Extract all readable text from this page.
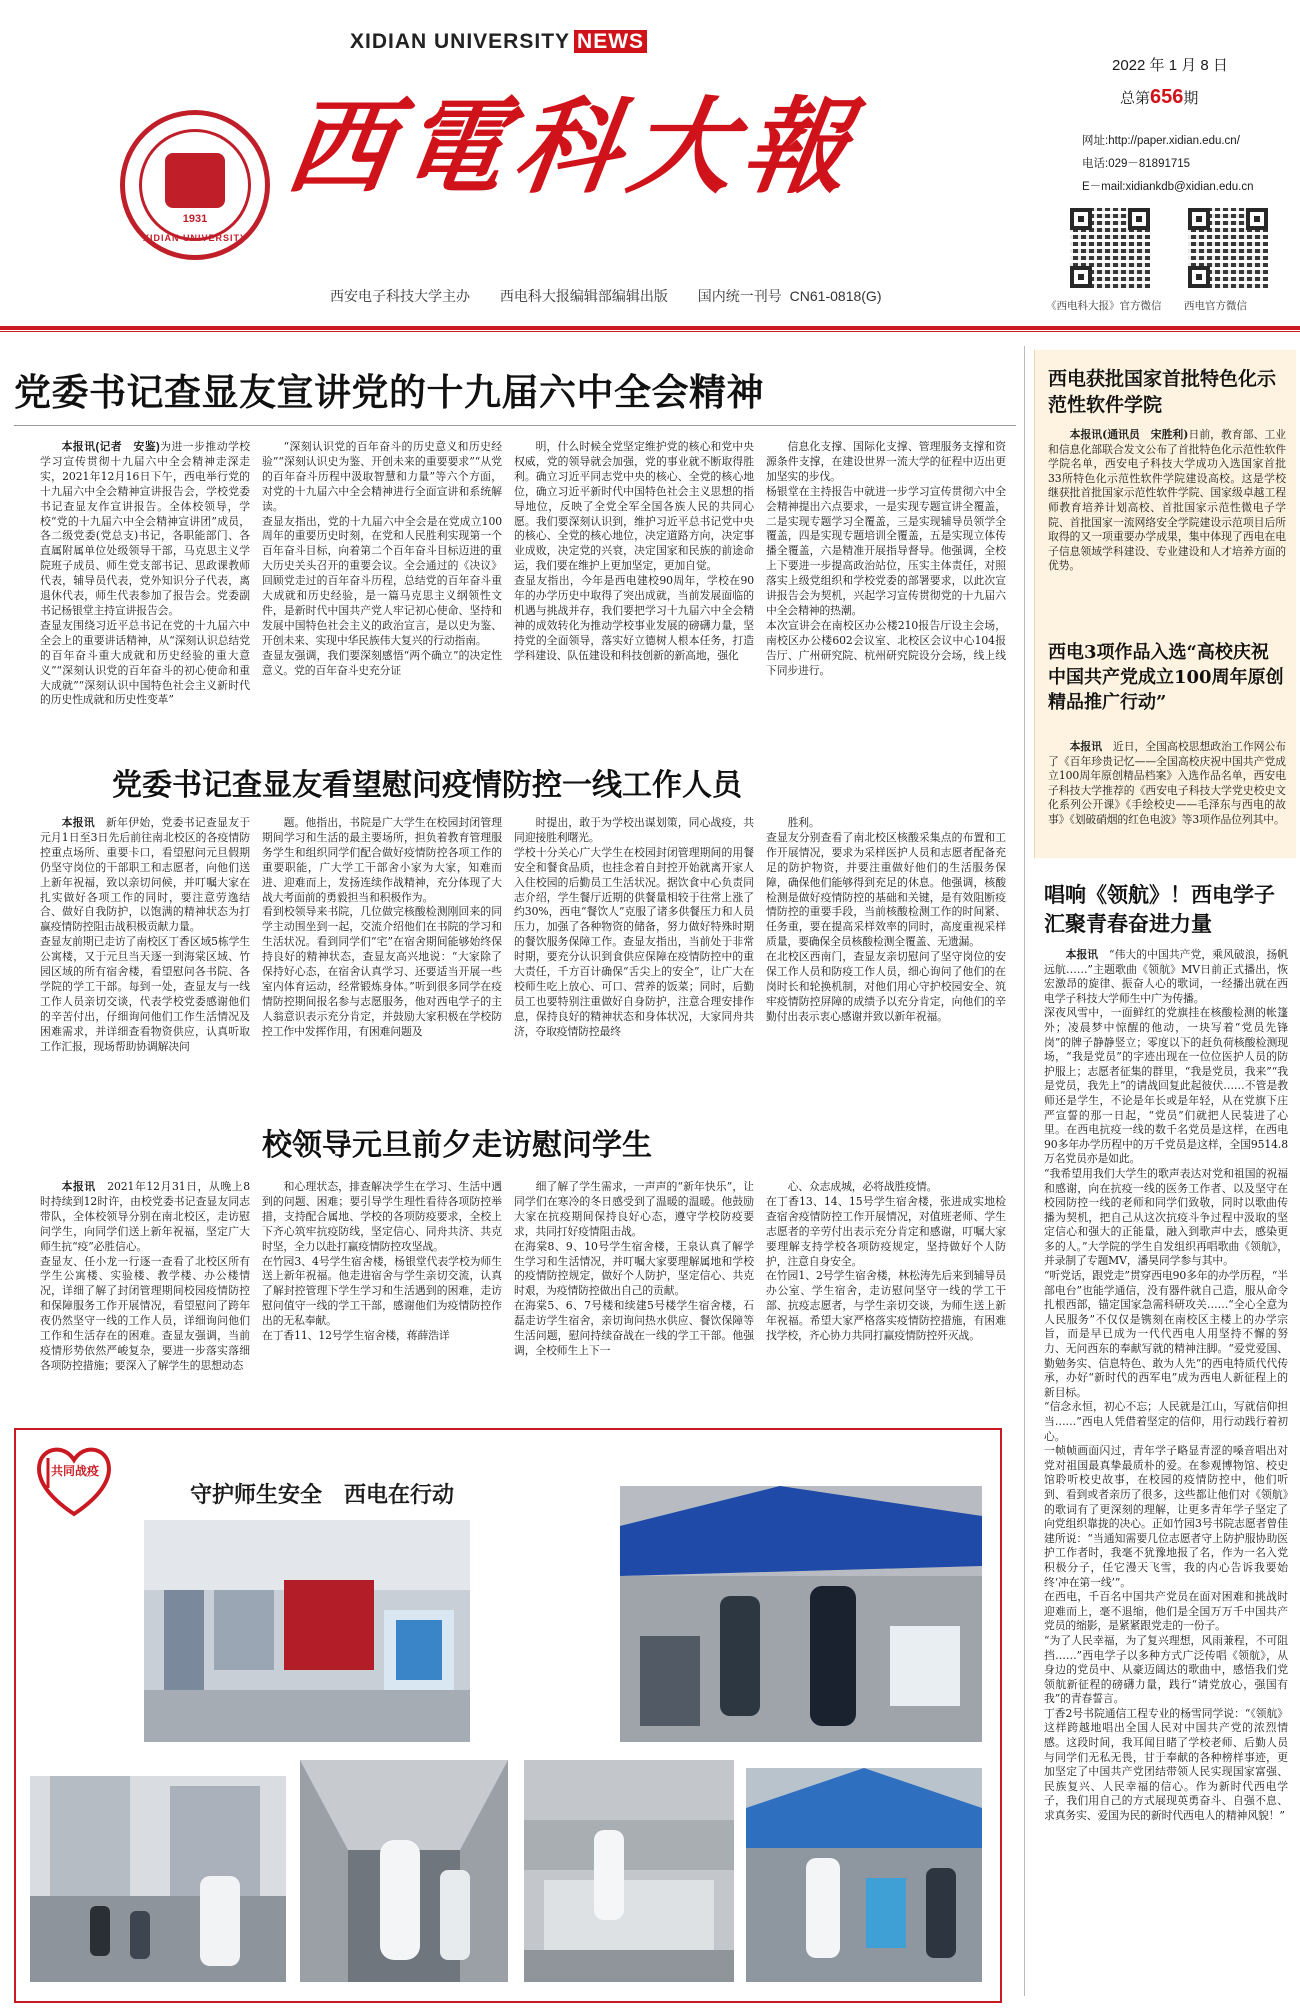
XIDIAN UNIVERSITY NEWS
1931
XIDIAN UNIVERSITY
西電科大報
西安电子科技大学主办 西电科大报编辑部编辑出版 国内统一刊号 CN61-0818(G)
2022 年 1 月 8 日
总第656期
网址:http://paper.xidian.edu.cn/
电话:029－81891715
E－mail:xidiankdb@xidian.edu.cn
《西电科大报》官方微信 西电官方微信
党委书记查显友宣讲党的十九届六中全会精神
本报讯(记者　安鉴)为进一步推动学校学习宣传贯彻十九届六中全会精神走深走实，2021年12月16日下午，西电举行党的十九届六中全会精神宣讲报告会，学校党委书记查显友作宣讲报告。全体校领导，学校“党的十九届六中全会精神宣讲团”成员，各二级党委(党总支)书记，各职能部门、各直属附属单位处级领导干部，马克思主义学院班子成员、师生党支部书记、思政课教师代表，辅导员代表，党外知识分子代表，离退休代表，师生代表参加了报告会。党委副书记杨银堂主持宣讲报告会。
查显友围绕习近平总书记在党的十九届六中全会上的重要讲话精神，从“深刻认识总结党的百年奋斗重大成就和历史经验的重大意义”“深刻认识党的百年奋斗的初心使命和重大成就”“深刻认识中国特色社会主义新时代的历史性成就和历史性变革”
“深刻认识党的百年奋斗的历史意义和历史经验”“深刻认识史为鉴、开创未来的重要要求”“从党的百年奋斗历程中汲取智慧和力量”等六个方面，对党的十九届六中全会精神进行全面宣讲和系统解读。
查显友指出，党的十九届六中全会是在党成立100周年的重要历史时刻，在党和人民胜利实现第一个百年奋斗目标，向着第二个百年奋斗目标迈进的重大历史关头召开的重要会议。全会通过的《决议》回顾党走过的百年奋斗历程，总结党的百年奋斗重大成就和历史经验，是一篇马克思主义纲领性文件，是新时代中国共产党人牢记初心使命、坚持和发展中国特色社会主义的政治宣言，是以史为鉴、开创未来、实现中华民族伟大复兴的行动指南。
查显友强调，我们要深刻感悟“两个确立”的决定性意义。党的百年奋斗史充分证
明，什么时候全党坚定维护党的核心和党中央权威，党的领导就会加强，党的事业就不断取得胜利。确立习近平同志党中央的核心、全党的核心地位，确立习近平新时代中国特色社会主义思想的指导地位，反映了全党全军全国各族人民的共同心愿。我们要深刻认识到，维护习近平总书记党中央的核心、全党的核心地位，决定道路方向，决定事业成败，决定党的兴衰，决定国家和民族的前途命运，我们要在维护上更加坚定，更加自觉。
查显友指出，今年是西电建校90周年，学校在90年的办学历史中取得了突出成就，当前发展面临的机遇与挑战并存，我们要把学习十九届六中全会精神的成效转化为推动学校事业发展的磅礴力量，坚持党的全面领导，落实好立德树人根本任务，打造学科建设、队伍建设和科技创新的新高地，强化
信息化支撑、国际化支撑、管理服务支撑和资源条件支撑，在建设世界一流大学的征程中迈出更加坚实的步伐。
杨银堂在主持报告中就进一步学习宣传贯彻六中全会精神提出六点要求，一是实现专题宣讲全覆盖，二是实现专题学习全覆盖，三是实现辅导员领学全覆盖，四是实现专题培训全覆盖，五是实现立体传播全覆盖，六是精准开展指导督导。他强调，全校上下要进一步提高政治站位，压实主体责任，对照落实上级党组织和学校党委的部署要求，以此次宣讲报告会为契机，兴起学习宣传贯彻党的十九届六中全会精神的热潮。
本次宣讲会在南校区办公楼210报告厅设主会场，南校区办公楼602会议室、北校区会议中心104报告厅、广州研究院、杭州研究院设分会场，线上线下同步进行。
党委书记查显友看望慰问疫情防控一线工作人员
本报讯　新年伊始，党委书记查显友于元月1日至3日先后前往南北校区的各疫情防控重点场所、重要卡口，看望慰问元旦假期仍坚守岗位的干部职工和志愿者，向他们送上新年祝福，致以亲切问候，并叮嘱大家在扎实做好各项工作的同时，要注意劳逸结合、做好自我防护，以饱满的精神状态为打赢疫情防控阻击战积极贡献力量。
查显友前期已走访了南校区丁香区域5栋学生公寓楼，又于元旦当天逐一到海棠区域、竹园区域的所有宿舍楼，看望慰问各书院、各学院的学工干部。每到一处，查显友与一线工作人员亲切交谈，代表学校党委感谢他们的辛苦付出，仔细询问他们工作生活情况及困难需求，并详细查看物资供应，认真听取工作汇报，现场帮助协调解决问
题。他指出，书院是广大学生在校园封闭管理期间学习和生活的最主要场所，担负着教育管理服务学生和组织同学们配合做好疫情防控各项工作的重要职能，广大学工干部舍小家为大家，知难而进、迎难而上，发扬连续作战精神，充分体现了大战大考面前的勇毅担当和积极作为。
看到校领导来书院，几位做完核酸检测刚回来的同学主动围坐到一起，交流介绍他们在书院的学习和生活状况。看到同学们“宅”在宿舍期间能够始终保持良好的精神状态，查显友高兴地说：“大家除了保持好心态，在宿舍认真学习、还要适当开展一些室内体育运动，经常锻炼身体。”听到很多同学在疫情防控期间报名参与志愿服务，他对西电学子的主人翁意识表示充分肯定，并鼓励大家积极在学校防控工作中发挥作用，有困难问题及
时提出，敢于为学校出谋划策，同心战疫，共同迎接胜利曙光。
学校十分关心广大学生在校园封闭管理期间的用餐安全和餐食品质，也挂念着自封控开始就离开家人入住校园的后勤员工生活状况。据饮食中心负责同志介绍，学生餐厅近期的供餐量相较于往常上涨了约30%，西电“餐饮人”克服了诸多供餐压力和人员压力，加强了各种物资的储备，努力做好特殊时期的餐饮服务保障工作。查显友指出，当前处于非常时期，要充分认识到食供应保障在疫情防控中的重大责任，千方百计确保“舌尖上的安全”，让广大在校师生吃上放心、可口、营养的饭菜；同时，后勤员工也要特别注重做好自身防护，注意合理安排作息，保持良好的精神状态和身体状况，大家同舟共济，夺取疫情防控最终
胜利。
查显友分别查看了南北校区核酸采集点的布置和工作开展情况，要求为采样医护人员和志愿者配备充足的防护物资，并要注重做好他们的生活服务保障，确保他们能够得到充足的休息。他强调，核酸检测是做好疫情防控的基础和关键，是有效阻断疫情防控的重要手段，当前核酸检测工作的时间紧、任务重，要在提高采样效率的同时，高度重视采样质量，要确保全员核酸检测全覆盖、无遗漏。
在北校区西南门，查显友亲切慰问了坚守岗位的安保工作人员和防疫工作人员，细心询问了他们的在岗时长和轮换机制，对他们用心守护校园安全、筑牢疫情防控屏障的成绩予以充分肯定，向他们的辛勤付出表示衷心感谢并致以新年祝福。
校领导元旦前夕走访慰问学生
本报讯　2021年12月31日，从晚上8时持续到12时许，由校党委书记查显友同志带队，全体校领导分别在南北校区，走访慰问学生，向同学们送上新年祝福，坚定广大师生抗“疫”必胜信心。
查显友、任小龙一行逐一查看了北校区所有学生公寓楼、实验楼、教学楼、办公楼情况，详细了解了封闭管理期间校园疫情防控和保障服务工作开展情况，看望慰问了跨年夜仍然坚守一线的工作人员，详细询问他们工作和生活存在的困难。查显友强调，当前疫情形势依然严峻复杂，要进一步落实落细各项防控措施；要深入了解学生的思想动态
和心理状态，排查解决学生在学习、生活中遇到的问题、困难；要引导学生理性看待各项防控举措，支持配合属地、学校的各项防疫要求，全校上下齐心筑牢抗疫防线，坚定信心、同舟共济、共克时坚，全力以赴打赢疫情防控攻坚战。
在竹园3、4号学生宿舍楼，杨银堂代表学校为师生送上新年祝福。他走进宿舍与学生亲切交流，认真了解封控管理下学生学习和生活遇到的困难，走访慰问值守一线的学工干部，感谢他们为疫情防控作出的无私奉献。
在丁香11、12号学生宿舍楼，蒋薛浩详
细了解了学生需求，一声声的“新年快乐”，让同学们在寒冷的冬日感受到了温暖的温暖。他鼓励大家在抗疫期间保持良好心态，遵守学校防疫要求，共同打好疫情阻击战。
在海棠8、9、10号学生宿舍楼，王泉认真了解学生学习和生活情况，并叮嘱大家要理解属地和学校的疫情防控规定，做好个人防护，坚定信心、共克时艰，为疫情防控做出自己的贡献。
在海棠5、6、7号楼和续建5号楼学生宿舍楼，石磊走访学生宿舍，亲切询问热水供应、餐饮保障等生活问题，慰问持续奋战在一线的学工干部。他强调，全校师生上下一
心、众志成城，必将战胜疫情。
在丁香13、14、15号学生宿舍楼，张进成实地检查宿舍疫情防控工作开展情况，对值班老师、学生志愿者的辛劳付出表示充分肯定和感谢，叮嘱大家要理解支持学校各项防疫规定，坚持做好个人防护，注意自身安全。
在竹园1、2号学生宿舍楼，林松涛先后来到辅导员办公室、学生宿舍，走访慰问坚守一线的学工干部、抗疫志愿者，与学生亲切交谈，为师生送上新年祝福。希望大家严格落实疫情防控措施，有困难找学校，齐心协力共同打赢疫情防控歼灭战。
西电获批国家首批特色化示范性软件学院
本报讯(通讯员　宋胜利)日前，教育部、工业和信息化部联合发文公布了首批特色化示范性软件学院名单，西安电子科技大学成功入选国家首批33所特色化示范性软件学院建设高校。这是学校继获批首批国家示范性软件学院、国家级卓越工程师教育培养计划高校、首批国家示范性微电子学院、首批国家一流网络安全学院建设示范项目后所取得的又一项重要办学成果，集中体现了西电在电子信息领域学科建设、专业建设和人才培养方面的优势。
西电3项作品入选“高校庆祝中国共产党成立100周年原创精品推广行动”
本报讯　近日，全国高校思想政治工作网公布了《百年珍贵记忆——全国高校庆祝中国共产党成立100周年原创精品档案》入选作品名单，西安电子科技大学推荐的《西安电子科技大学党史校史文化系列公开课》《手绘校史——毛泽东与西电的故事》《划破硝烟的红色电波》等3项作品位列其中。
唱响《领航》！西电学子汇聚青春奋进力量
本报讯　“伟大的中国共产党，乘风破浪，扬帆远航……”主题歌曲《领航》MV日前正式播出，恢宏激昂的旋律、振奋人心的歌词，一经播出就在西电学子科技大学师生中广为传播。
深夜风雪中，一面鲜红的党旗挂在核酸检测的帐篷外；凌晨梦中惊醒的他动，一块写着“党员先锋岗”的牌子静静竖立；零度以下的赶负荷核酸检测现场，“我是党员”的字迹出现在一位位医护人员的防护服上；志愿者征集的群里，“我是党员，我来”“我是党员，我先上”的请战回复此起彼伏……不管是教师还是学生，不论是年长或是年轻，从在党旗下庄严宣誓的那一日起，“党员”们就把人民装进了心里。在西电抗疫一线的数千名党员是这样，在西电90多年办学历程中的万千党员是这样，全国9514.8万名党员亦是如此。
“我希望用我们大学生的歌声表达对党和祖国的祝福和感谢，向在抗疫一线的医务工作者、以及坚守在校园防控一线的老师和同学们致敬，同时以歌曲传播为契机，把自己从这次抗疫斗争过程中汲取的坚定信心和强大的正能量，融入到歌声中去，感染更多的人。”大学院的学生自发组织再唱歌曲《领航》，并录制了专题MV，潘昊同学参与其中。
“听党话，跟党走”贯穿西电90多年的办学历程，“半部电台”也能学通信，没有器件就自己造，服从命令扎根西部，锚定国家急需科研攻关……“全心全意为人民服务”不仅仅是镌刻在南校区主楼上的办学宗旨，而是早已成为一代代西电人用坚持不懈的努力、无问西东的奉献写就的精神注脚。“爱党爱国、勤勉务实、信息特色、敢为人先”的西电特质代代传承，办好“新时代的西军电”成为西电人新征程上的新目标。
“信念永恒，初心不忘；人民就是江山，写就信仰担当……”西电人凭借着坚定的信仰，用行动践行着初心。
一帧帧画面闪过，青年学子略显青涩的嗓音唱出对党对祖国最真挚最质朴的爱。在参观博物馆、校史馆聆听校史故事，在校园的疫情防控中，他们听到、看到或者亲历了很多，这些都让他们对《领航》的歌词有了更深刻的理解，让更多青年学子坚定了向党组织靠拢的决心。正如竹园3号书院志愿者曾佳建所说：“当通知需要几位志愿者守上防护服协助医护工作者时，我毫不犹豫地报了名，作为一名入党积极分子，任它漫天飞雪，我的内心告诉我要始终‘冲在第一线’”。
在西电，千百名中国共产党员在面对困难和挑战时迎难而上，毫不退缩，他们是全国万万千中国共产党员的缩影，是紧紧跟党走的一份子。
“为了人民幸福，为了复兴理想，风雨兼程，不可阻挡……”西电学子以多种方式广泛传唱《领航》，从身边的党员中、从豪迈阔达的歌曲中，感悟我们党领航新征程的磅礴力量，践行“请党放心，强国有我”的青春誓言。
丁香2号书院通信工程专业的杨雪同学说：“《领航》这样跨越地唱出全国人民对中国共产党的浓烈情感。这段时间，我耳闻目睹了学校老师、后勤人员与同学们无私无畏，甘于奉献的各种榜样事迹，更加坚定了中国共产党团结带领人民实现国家富强、民族复兴、人民幸福的信心。作为新时代西电学子，我们用自己的方式展现英勇奋斗、自强不息、求真务实、爱国为民的新时代西电人的精神风貌！”
共同战疫
守护师生安全　西电在行动
